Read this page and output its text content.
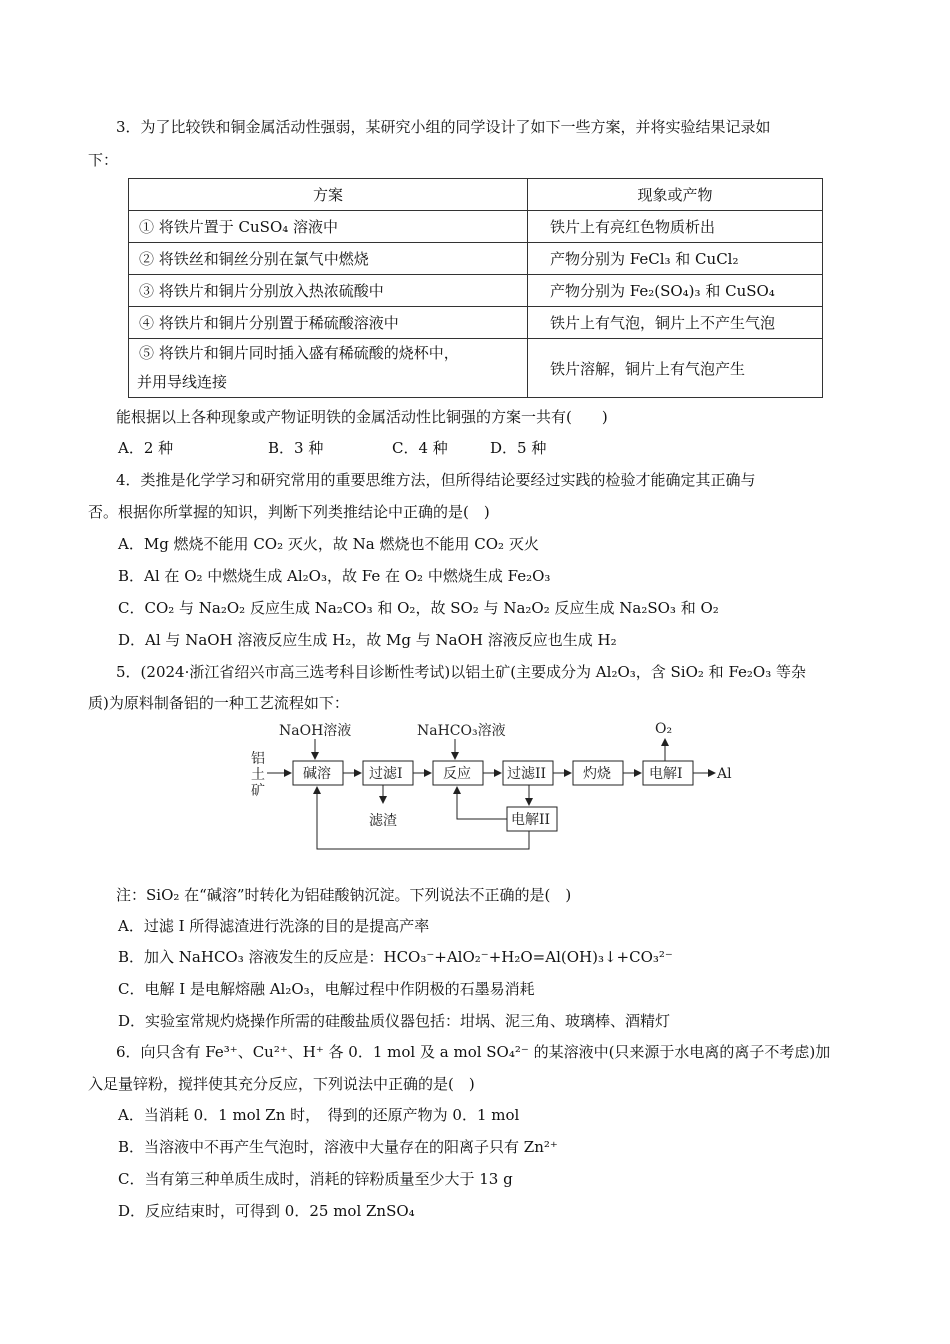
3．为了比较铁和铜金属活动性强弱，某研究小组的同学设计了如下一些方案，并将实验结果记录如
下：
方案	现象或产物
① 将铁片置于 CuSO₄ 溶液中	铁片上有亮红色物质析出
② 将铁丝和铜丝分别在氯气中燃烧	产物分别为 FeCl₃ 和 CuCl₂
③ 将铁片和铜片分别放入热浓硫酸中	产物分别为 Fe₂(SO₄)₃ 和 CuSO₄
④ 将铁片和铜片分别置于稀硫酸溶液中	铁片上有气泡，铜片上不产生气泡

⑤ 将铁片和铜片同时插入盛有稀硫酸的烧杯中，
并用导线连接	铁片溶解，铜片上有气泡产生
能根据以上各种现象或产物证明铁的金属活动性比铜强的方案一共有(　　)
A．2 种	B．3 种	C．4 种	D．5 种
4．类推是化学学习和研究常用的重要思维方法，但所得结论要经过实践的检验才能确定其正确与
否。根据你所掌握的知识，判断下列类推结论中正确的是(　)
A．Mg 燃烧不能用 CO₂ 灭火，故 Na 燃烧也不能用 CO₂ 灭火
B．Al 在 O₂ 中燃烧生成 Al₂O₃，故 Fe 在 O₂ 中燃烧生成 Fe₂O₃
C．CO₂ 与 Na₂O₂ 反应生成 Na₂CO₃ 和 O₂，故 SO₂ 与 Na₂O₂ 反应生成 Na₂SO₃ 和 O₂
D．Al 与 NaOH 溶液反应生成 H₂，故 Mg 与 NaOH 溶液反应也生成 H₂
5．(2024·浙江省绍兴市高三选考科目诊断性考试)以铝土矿(主要成分为 Al₂O₃，含 SiO₂ 和 Fe₂O₃ 等杂
质)为原料制备铝的一种工艺流程如下：
铝
土
矿
NaOH溶液	NaHCO₃溶液	O₂
碱溶	过滤I	反应	过滤II	灼烧	电解I
电解II
Al
滤渣
注：SiO₂ 在“碱溶”时转化为铝硅酸钠沉淀。下列说法不正确的是(　)
A．过滤 I 所得滤渣进行洗涤的目的是提高产率
B．加入 NaHCO₃ 溶液发生的反应是：HCO₃⁻+AlO₂⁻+H₂O=Al(OH)₃↓+CO₃²⁻
C．电解 I 是电解熔融 Al₂O₃，电解过程中作阴极的石墨易消耗
D．实验室常规灼烧操作所需的硅酸盐质仪器包括：坩埚、泥三角、玻璃棒、酒精灯
6．向只含有 Fe³⁺、Cu²⁺、H⁺ 各 0．1 mol 及 a mol SO₄²⁻ 的某溶液中(只来源于水电离的离子不考虑)加
入足量锌粉，搅拌使其充分反应，下列说法中正确的是(　)
A．当消耗 0．1 mol Zn 时，　得到的还原产物为 0．1 mol
B．当溶液中不再产生气泡时，溶液中大量存在的阳离子只有 Zn²⁺
C．当有第三种单质生成时，消耗的锌粉质量至少大于 13 g
D．反应结束时，可得到 0．25 mol ZnSO₄
